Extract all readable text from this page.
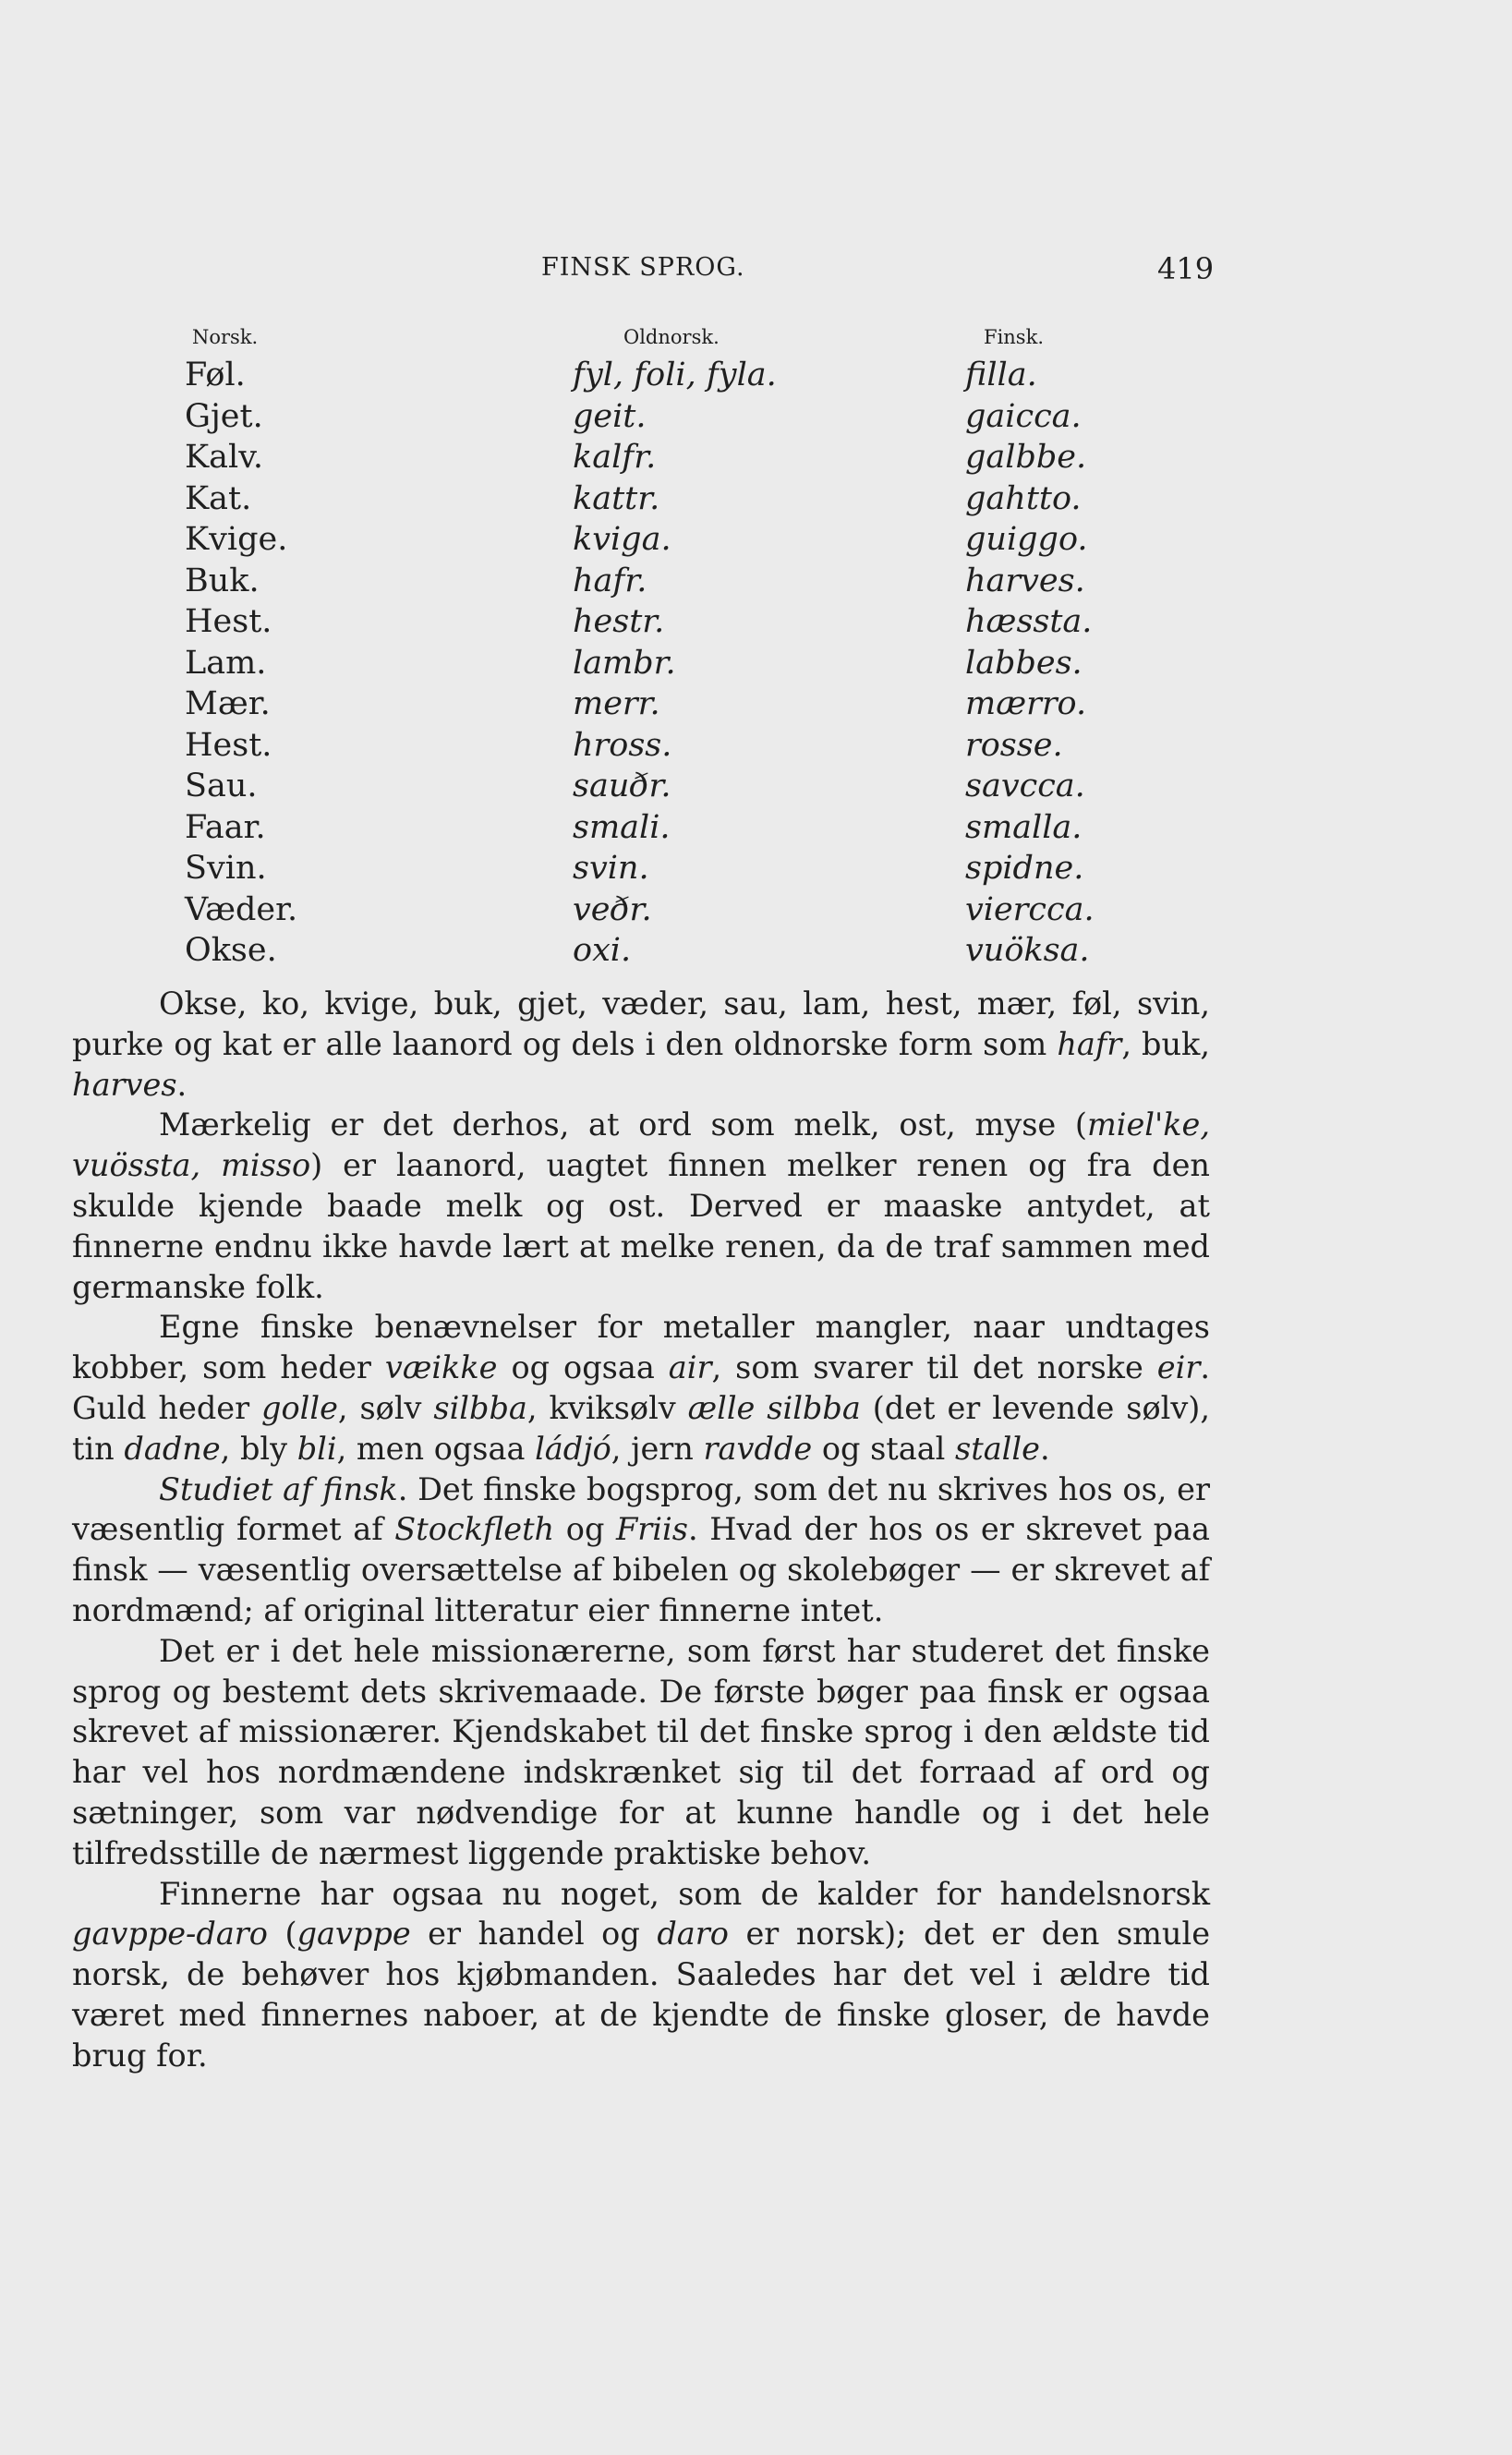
FINSK SPROG.	419
Norsk.
Føl.
Gjet.
Kalv.
Kat.
Kvige.
Buk.
Hest.
Lam.
Mær.
Hest.
Sau.
Faar.
Svin.
Væder.
Okse.
Oldnorsk.
fyl, foli, fyla.
geit.
kalfr.
kattr.
kviga.
hafr.
hestr.
lambr.
merr.
hross.
sauðr.
smali.
svin.
veðr.
oxi.
Finsk.
filla.
gaicca.
galbbe.
gahtto.
guiggo.
harves.
hæssta.
labbes.
mærro.
rosse.
savcca.
smalla.
spidne.
viercca.
vuöksa.

Okse, ko, kvige, buk, gjet, væder, sau, lam, hest, mær, føl, svin, purke og kat er alle laanord og dels i den oldnorske form som hafr, buk, harves.

Mærkelig er det derhos, at ord som melk, ost, myse (miel'ke, vuössta, misso) er laanord, uagtet finnen melker renen og fra den skulde kjende baade melk og ost. Derved er maaske antydet, at finnerne endnu ikke havde lært at melke renen, da de traf sammen med germanske folk.

Egne finske benævnelser for metaller mangler, naar undtages kobber, som heder væikke og ogsaa air, som svarer til det norske eir. Guld heder golle, sølv silbba, kviksølv ælle silbba (det er levende sølv), tin dadne, bly bli, men ogsaa ládjó, jern ravdde og staal stalle.

Studiet af finsk. Det finske bogsprog, som det nu skrives hos os, er væsentlig formet af Stockfleth og Friis. Hvad der hos os er skrevet paa finsk — væsentlig oversættelse af bibelen og skolebøger — er skrevet af nordmænd; af original litteratur eier finnerne intet.

Det er i det hele missionærerne, som først har studeret det finske sprog og bestemt dets skrivemaade. De første bøger paa finsk er ogsaa skrevet af missionærer. Kjendskabet til det finske sprog i den ældste tid har vel hos nordmændene indskrænket sig til det forraad af ord og sætninger, som var nødvendige for at kunne handle og i det hele tilfredsstille de nærmest liggende praktiske behov.

Finnerne har ogsaa nu noget, som de kalder for handelsnorsk gavppe-daro (gavppe er handel og daro er norsk); det er den smule norsk, de behøver hos kjøbmanden. Saaledes har det vel i ældre tid været med finnernes naboer, at de kjendte de finske gloser, de havde brug for.
